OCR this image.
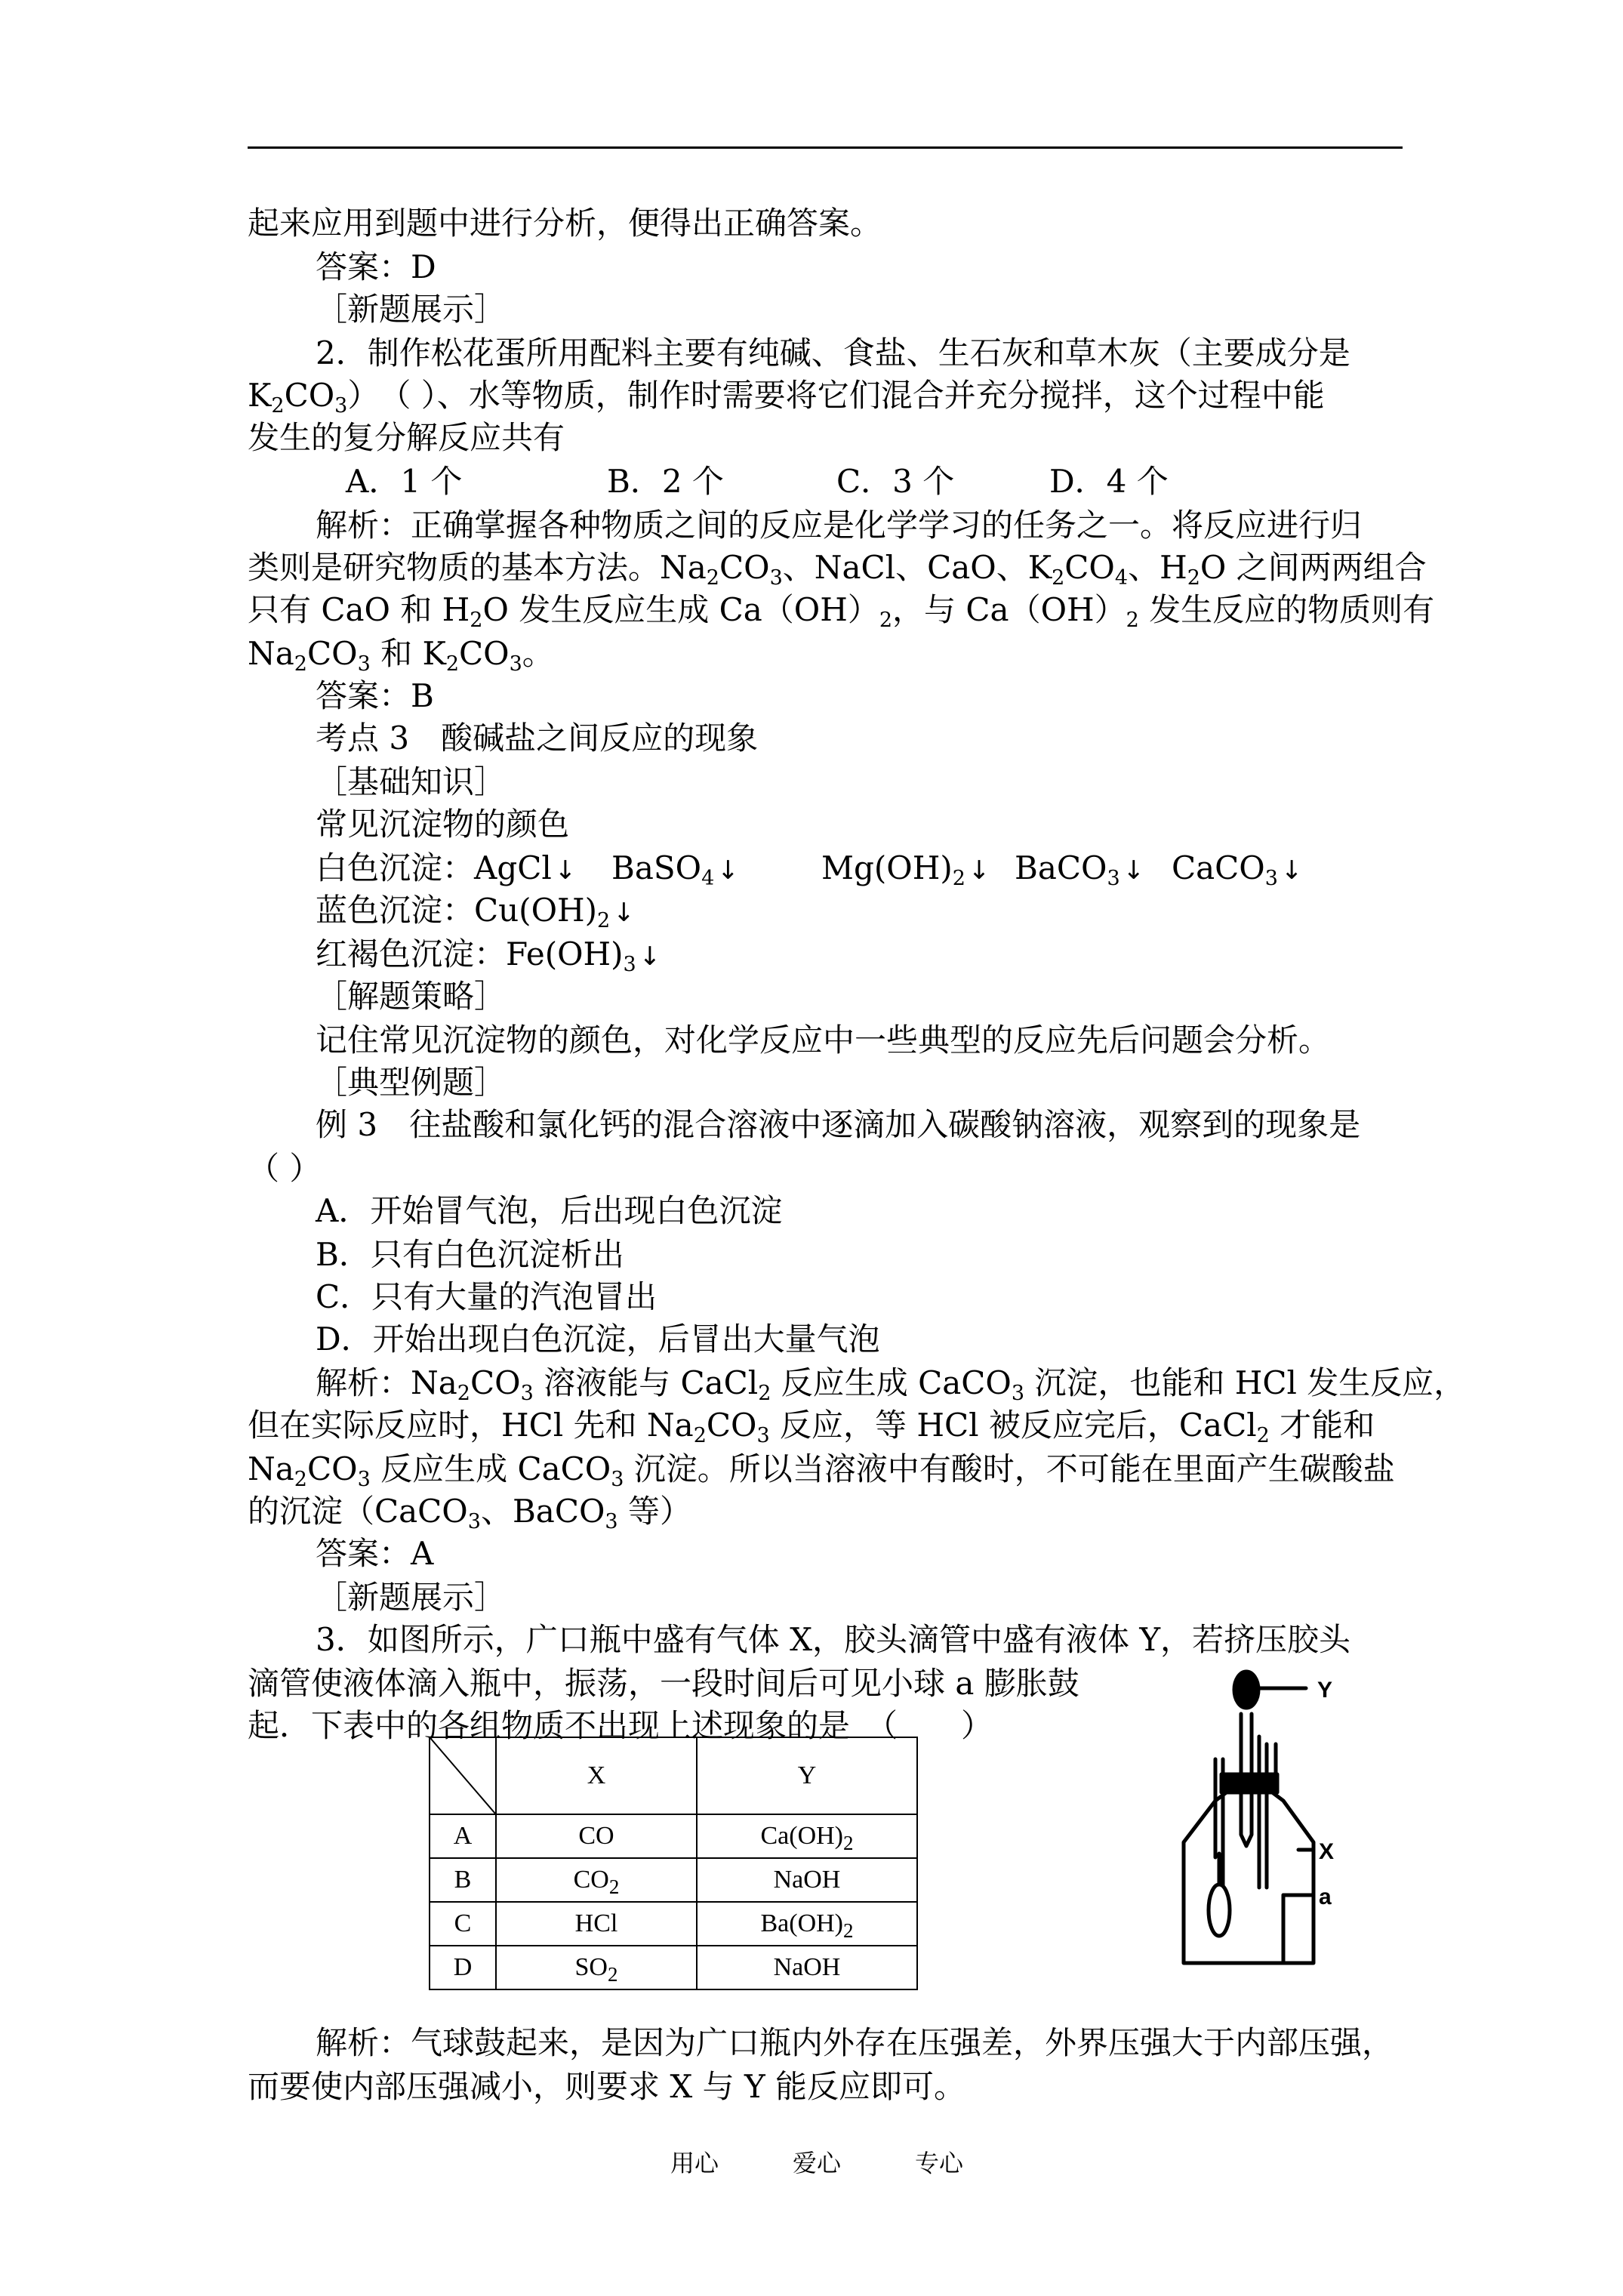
起来应用到题中进行分析，便得出正确答案。
答案：D
［新题展示］
2．制作松花蛋所用配料主要有纯碱、食盐、生石灰和草木灰（主要成分是
$K_2CO_3$）　（ ）、水等物质，制作时需要将它们混合并充分搅拌，这个过程中能
发生的复分解反应共有
A．1 个	B．2 个	C．3 个	D．4 个
解析：正确掌握各种物质之间的反应是化学学习的任务之一。将反应进行归
类则是研究物质的基本方法。$Na_2CO_3$、NaCl、CaO、$K_2CO_4$、$H_2O$ 之间两两组合
只有 CaO 和 $H_2O$ 发生反应生成 $Ca(OH)_2$，与 $Ca(OH)_2$ 发生反应的物质则有
$Na_2CO_3$ 和 $K_2CO_3$。
答案：B
考点 3　酸碱盐之间反应的现象
［基础知识］
常见沉淀物的颜色
白色沉淀：AgCl ↓ BaSO$_4$ ↓	$Mg(OH)_2$ ↓ BaCO$_3$ ↓ CaCO$_3$ ↓
蓝色沉淀：$Cu(OH)_2$ ↓
红褐色沉淀：$Fe(OH)_3$ ↓
［解题策略］
记住常见沉淀物的颜色，对化学反应中一些典型的反应先后问题会分析。
［典型例题］
例 3　往盐酸和氯化钙的混合溶液中逐滴加入碳酸钠溶液，观察到的现象是
（ ）
A．开始冒气泡，后出现白色沉淀
B．只有白色沉淀析出
C．只有大量的汽泡冒出
D．开始出现白色沉淀，后冒出大量气泡
解析：$Na_2CO_3$ 溶液能与 CaCl$_2$ 反应生成 CaCO$_3$ 沉淀，也能和 HCl 发生反应，
但在实际反应时，HCl 先和 $Na_2CO_3$ 反应，等 HCl 被反应完后，CaCl$_2$ 才能和
$Na_2CO_3$ 反应生成 CaCO$_3$ 沉淀。所以当溶液中有酸时，不可能在里面产生碳酸盐
的沉淀（CaCO$_3$、BaCO$_3$ 等）
答案：A
［新题展示］
3．如图所示，广口瓶中盛有气体 X，胶头滴管中盛有液体 Y，若挤压胶头
滴管使液体滴入瓶中，振荡，一段时间后可见小球 a 膨胀鼓
起．下表中的各组物质不出现上述现象的是　（　　）
	X	Y
A	CO	$Ca(OH)_2$
B	$CO_2$	NaOH
C	HCl	$Ba(OH)_2$
D	$SO_2$	NaOH
Y
X
a
解析：气球鼓起来，是因为广口瓶内外存在压强差，外界压强大于内部压强，
而要使内部压强减小，则要求 X 与 Y 能反应即可。
用心	爱心	专心
